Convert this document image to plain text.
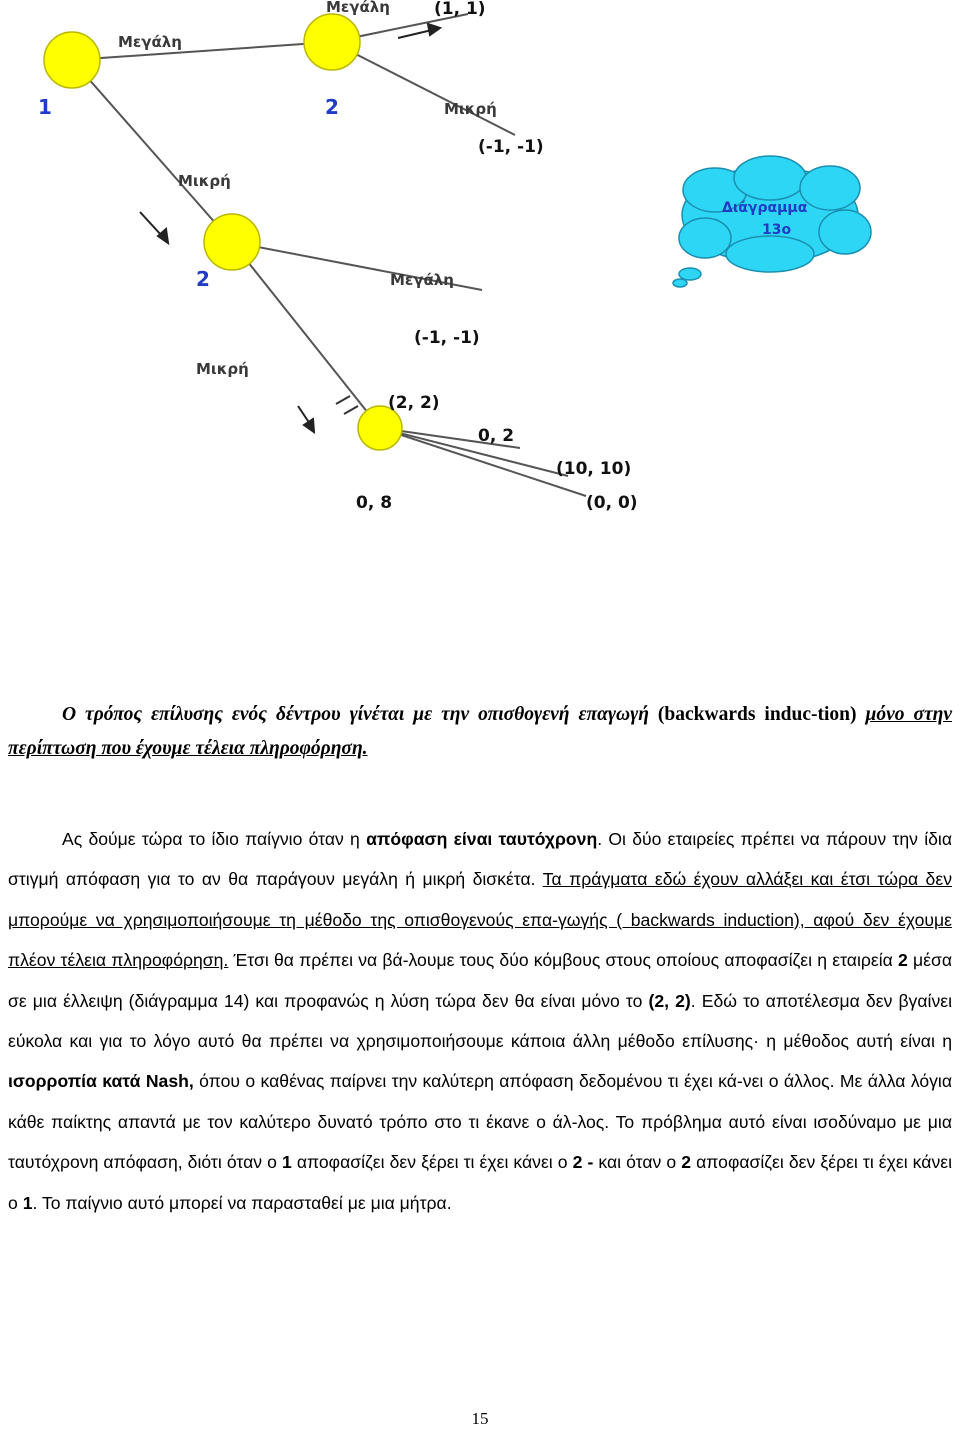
1	2
2
Μεγάλη
Μεγάλη	(1, 1)
Μικρή
(-1, -1)
Μικρή
Μεγάλη
(-1, -1)
Μικρή
(2, 2)
0, 2
(10, 10)
0, 8	(0, 0)
Διάγραμμα
13ο

Ο τρόπος επίλυσης ενός δέντρου γίνέται με την οπισθογενή επαγωγή (backwards induc-tion) μόνο στην περίπτωση που έχουμε τέλεια πληροφόρηση.

Ας δούμε τώρα το ίδιο παίγνιο όταν η απόφαση είναι ταυτόχρονη. Οι δύο εταιρείες πρέπει να πάρουν την ίδια στιγμή απόφαση για το αν θα παράγουν μεγάλη ή μικρή δισκέτα. Τα πράγματα εδώ έχουν αλλάξει και έτσι τώρα δεν μπορούμε να χρησιμοποιήσουμε τη μέθοδο της οπισθογενούς επα-γωγής ( backwards induction), αφού δεν έχουμε πλέον τέλεια πληροφόρηση. Έτσι θα πρέπει να βά-λουμε τους δύο κόμβους στους οποίους αποφασίζει η εταιρεία 2 μέσα σε μια έλλειψη (διάγραμμα 14) και προφανώς η λύση τώρα δεν θα είναι μόνο το (2, 2). Εδώ το αποτέλεσμα δεν βγαίνει εύκολα και για το λόγο αυτό θα πρέπει να χρησιμοποιήσουμε κάποια άλλη μέθοδο επίλυσης· η μέθοδος αυτή είναι η ισορροπία κατά Nash, όπου ο καθένας παίρνει την καλύτερη απόφαση δεδομένου τι έχει κά-νει ο άλλος. Με άλλα λόγια κάθε παίκτης απαντά με τον καλύτερο δυνατό τρόπο στο τι έκανε ο άλ-λος. Το πρόβλημα αυτό είναι ισοδύναμο με μια ταυτόχρονη απόφαση, διότι όταν ο 1 αποφασίζει δεν ξέρει τι έχει κάνει ο 2 - και όταν ο 2 αποφασίζει δεν ξέρει τι έχει κάνει ο 1. Το παίγνιο αυτό μπορεί να παρασταθεί με μια μήτρα.

15
